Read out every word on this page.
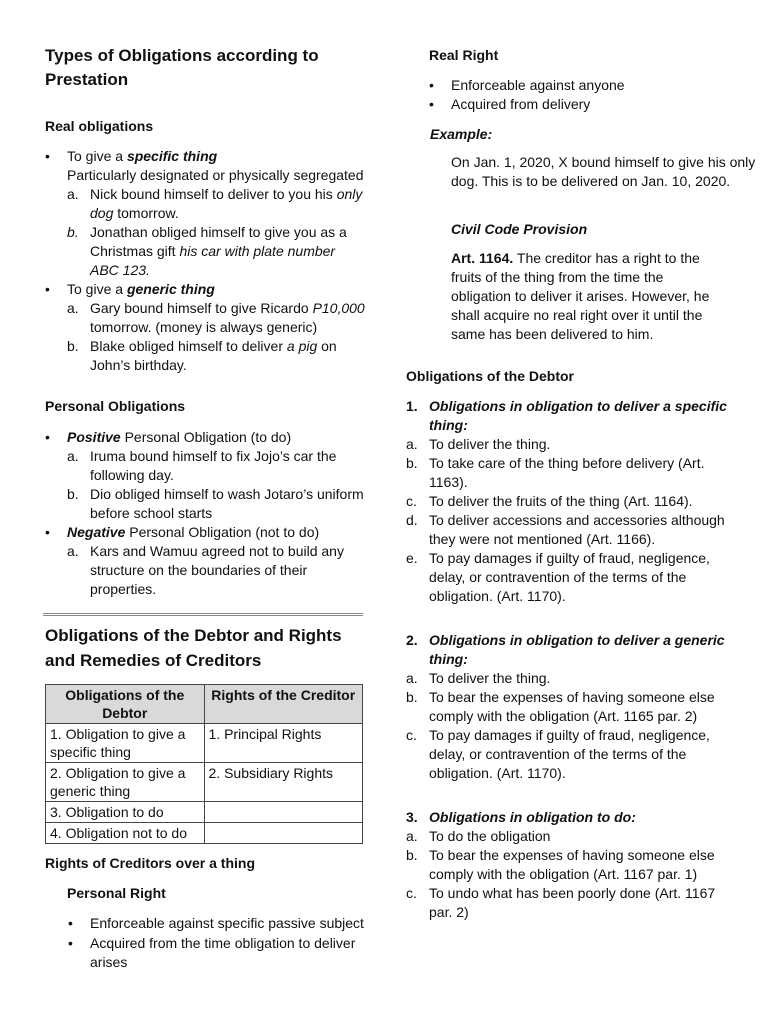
Types of Obligations according to Prestation
Real obligations
• To give a specific thing

Particularly designated or physically segregated

a. Nick bound himself to deliver to you his only dog tomorrow.
b. Jonathan obliged himself to give you as a Christmas gift his car with plate number ABC 123.
• To give a generic thing
a. Gary bound himself to give Ricardo P10,000 tomorrow. (money is always generic)
b. Blake obliged himself to deliver a pig on John’s birthday.
Personal Obligations
• Positive Personal Obligation (to do)
a. Iruma bound himself to fix Jojo’s car the following day.
b. Dio obliged himself to wash Jotaro’s uniform before school starts
• Negative Personal Obligation (not to do)
a. Kars and Wamuu agreed not to build any structure on the boundaries of their properties.
Obligations of the Debtor and Rights and Remedies of Creditors
Obligations of the Debtor	Rights of the Creditor
1. Obligation to give a specific thing	1. Principal Rights
2. Obligation to give a generic thing	2. Subsidiary Rights
3. Obligation to do	
4. Obligation not to do	
Rights of Creditors over a thing
Personal Right
• Enforceable against specific passive subject
• Acquired from the time obligation to deliver arises
Real Right
• Enforceable against anyone
• Acquired from delivery

Example:

On Jan. 1, 2020, X bound himself to give his only dog. This is to be delivered on Jan. 10, 2020.

Civil Code Provision

Art. 1164. The creditor has a right to the fruits of the thing from the time the obligation to deliver it arises. However, he shall acquire no real right over it until the same has been delivered to him.

Obligations of the Debtor
1. Obligations in obligation to deliver a specific thing:
a. To deliver the thing.
b. To take care of the thing before delivery (Art. 1163).
c. To deliver the fruits of the thing (Art. 1164).
d. To deliver accessions and accessories although they were not mentioned (Art. 1166).
e. To pay damages if guilty of fraud, negligence, delay, or contravention of the terms of the obligation. (Art. 1170).
2. Obligations in obligation to deliver a generic thing:
a. To deliver the thing.
b. To bear the expenses of having someone else comply with the obligation (Art. 1165 par. 2)
c. To pay damages if guilty of fraud, negligence, delay, or contravention of the terms of the obligation. (Art. 1170).
3. Obligations in obligation to do:
a. To do the obligation
b. To bear the expenses of having someone else comply with the obligation (Art. 1167 par. 1)
c. To undo what has been poorly done (Art. 1167 par. 2)
